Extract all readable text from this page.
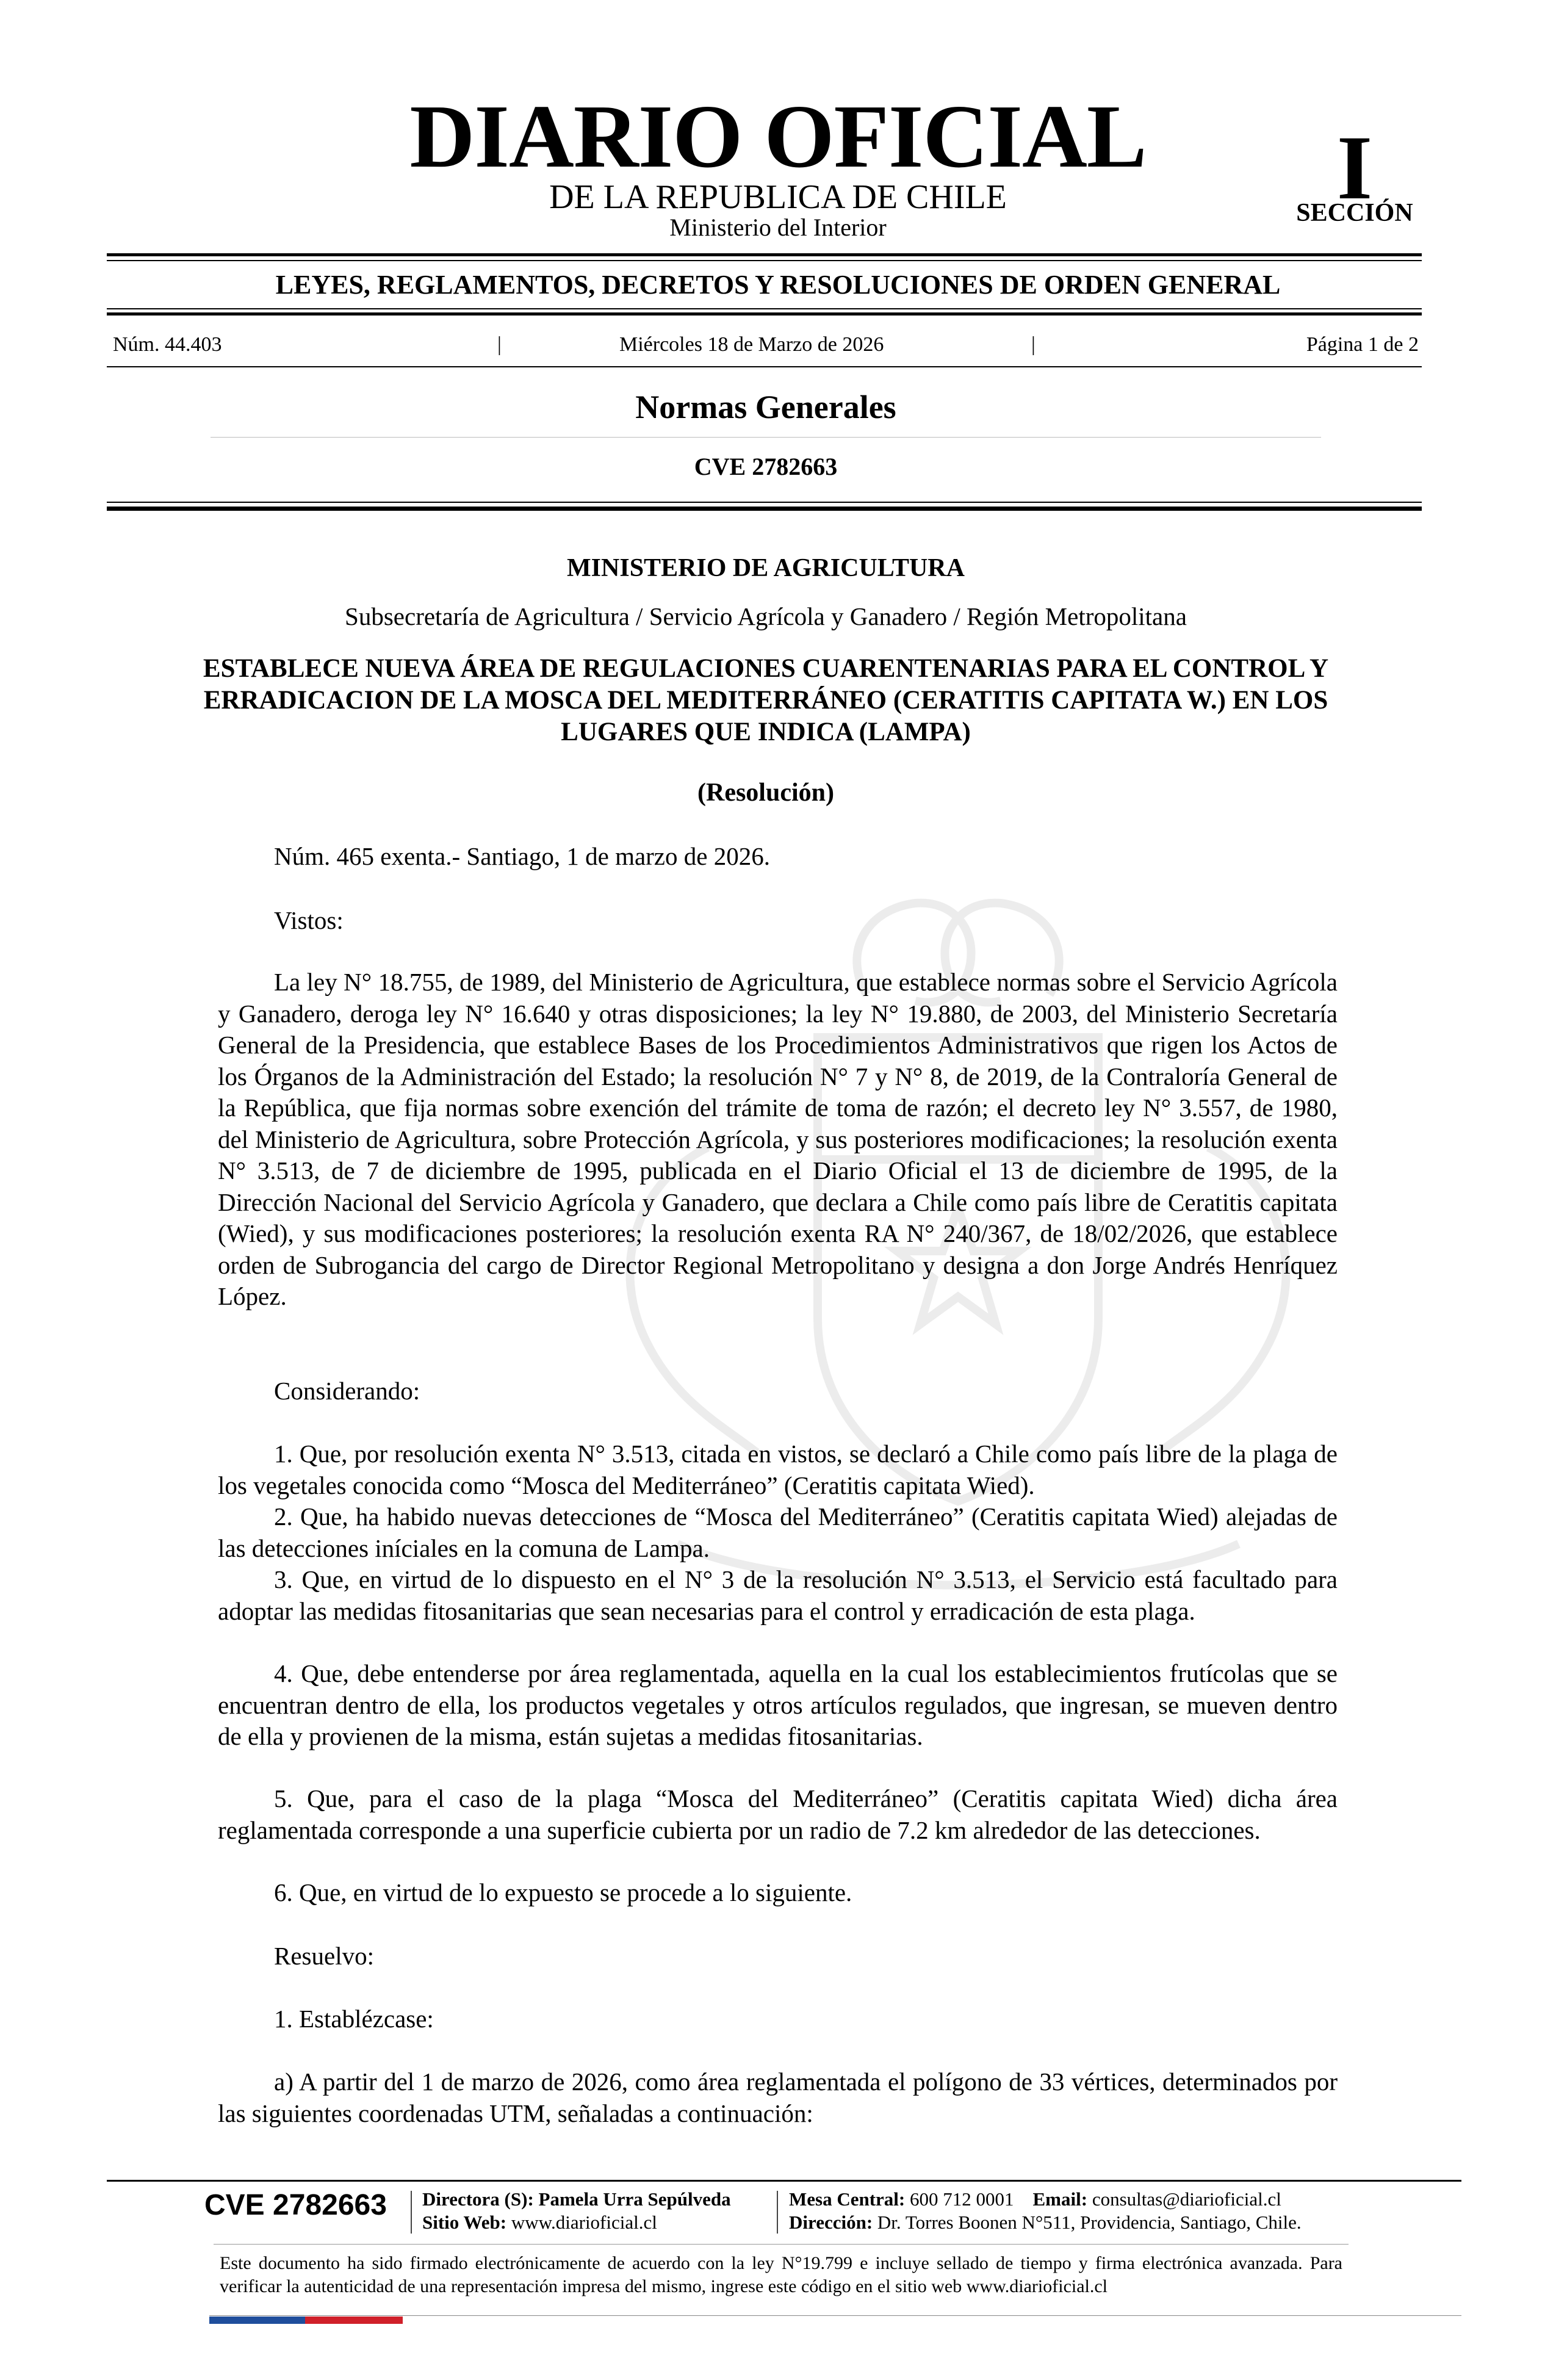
DIARIO OFICIAL
DE LA REPUBLICA DE CHILE
Ministerio del Interior
I
SECCIÓN
LEYES, REGLAMENTOS, DECRETOS Y RESOLUCIONES DE ORDEN GENERAL
Núm. 44.403	|	Miércoles 18 de Marzo de 2026	|	Página 1 de 2
Normas Generales
CVE 2782663
MINISTERIO DE AGRICULTURA
Subsecretaría de Agricultura / Servicio Agrícola y Ganadero / Región Metropolitana
ESTABLECE NUEVA ÁREA DE REGULACIONES CUARENTENARIAS PARA EL CONTROL Y ERRADICACION DE LA MOSCA DEL MEDITERRÁNEO (CERATITIS CAPITATA W.) EN LOS LUGARES QUE INDICA (LAMPA)
(Resolución)
Núm. 465 exenta.- Santiago, 1 de marzo de 2026.
Vistos:
La ley N° 18.755, de 1989, del Ministerio de Agricultura, que establece normas sobre el Servicio Agrícola y Ganadero, deroga ley N° 16.640 y otras disposiciones; la ley N° 19.880, de 2003, del Ministerio Secretaría General de la Presidencia, que establece Bases de los Procedimientos Administrativos que rigen los Actos de los Órganos de la Administración del Estado; la resolución N° 7 y N° 8, de 2019, de la Contraloría General de la República, que fija normas sobre exención del trámite de toma de razón; el decreto ley N° 3.557, de 1980, del Ministerio de Agricultura, sobre Protección Agrícola, y sus posteriores modificaciones; la resolución exenta N° 3.513, de 7 de diciembre de 1995, publicada en el Diario Oficial el 13 de diciembre de 1995, de la Dirección Nacional del Servicio Agrícola y Ganadero, que declara a Chile como país libre de Ceratitis capitata (Wied), y sus modificaciones posteriores; la resolución exenta RA N° 240/367, de 18/02/2026, que establece orden de Subrogancia del cargo de Director Regional Metropolitano y designa a don Jorge Andrés Henríquez López.
Considerando:
1. Que, por resolución exenta N° 3.513, citada en vistos, se declaró a Chile como país libre de la plaga de los vegetales conocida como “Mosca del Mediterráneo” (Ceratitis capitata Wied).
2. Que, ha habido nuevas detecciones de “Mosca del Mediterráneo” (Ceratitis capitata Wied) alejadas de las detecciones iníciales en la comuna de Lampa.
3. Que, en virtud de lo dispuesto en el N° 3 de la resolución N° 3.513, el Servicio está facultado para adoptar las medidas fitosanitarias que sean necesarias para el control y erradicación de esta plaga.
4. Que, debe entenderse por área reglamentada, aquella en la cual los establecimientos frutícolas que se encuentran dentro de ella, los productos vegetales y otros artículos regulados, que ingresan, se mueven dentro de ella y provienen de la misma, están sujetas a medidas fitosanitarias.
5. Que, para el caso de la plaga “Mosca del Mediterráneo” (Ceratitis capitata Wied) dicha área reglamentada corresponde a una superficie cubierta por un radio de 7.2 km alrededor de las detecciones.
6. Que, en virtud de lo expuesto se procede a lo siguiente.
Resuelvo:
1. Establézcase:
a) A partir del 1 de marzo de 2026, como área reglamentada el polígono de 33 vértices, determinados por las siguientes coordenadas UTM, señaladas a continuación:
CVE 2782663 Directora (S): Pamela Urra Sepúlveda
Sitio Web: www.diarioficial.cl
Mesa Central: 600 712 0001 Email: consultas@diarioficial.cl
Dirección: Dr. Torres Boonen N°511, Providencia, Santiago, Chile.
Este documento ha sido firmado electrónicamente de acuerdo con la ley N°19.799 e incluye sellado de tiempo y firma electrónica avanzada. Para verificar la autenticidad de una representación impresa del mismo, ingrese este código en el sitio web www.diarioficial.cl
